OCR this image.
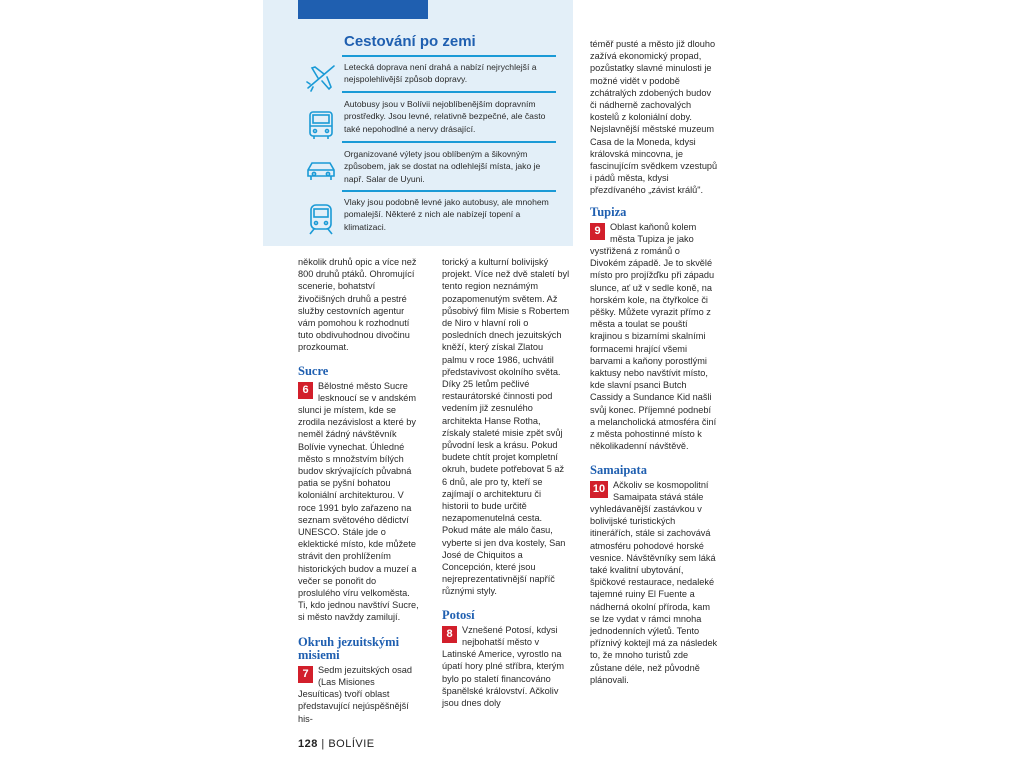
Cestování po zemi
Letecká doprava není drahá a nabízí nejrychlejší a nejspolehlivější způsob dopravy.
Autobusy jsou v Bolívii nejoblíbenějším dopravním prostředky. Jsou levné, relativně bezpečné, ale často také nepohodlné a nervy drásající.
Organizované výlety jsou oblíbeným a šikovným způsobem, jak se dostat na odlehlejší místa, jako je např. Salar de Uyuni.
Vlaky jsou podobně levné jako autobusy, ale mnohem pomalejší. Některé z nich ale nabízejí topení a klimatizaci.

několik druhů opic a více než 800 druhů ptáků. Ohromující scenerie, bohatství živočišných druhů a pestré služby cestovních agentur vám pomohou k rozhodnutí tuto obdivuhodnou divočinu prozkoumat.

Sucre

6	Bělostné město Sucre lesknoucí se v andském slunci je místem, kde se zrodila nezávislost a které by neměl žádný návštěvník Bolívie vynechat. Úhledné město s množstvím bílých budov skrývajících půvabná patia se pyšní bohatou koloniální architekturou. V roce 1991 bylo zařazeno na seznam světového dědictví UNESCO. Stále jde o eklektické místo, kde můžete strávit den prohlížením historických budov a muzeí a večer se ponořit do proslulého víru velkoměsta. Ti, kdo jednou navštíví Sucre, si město navždy zamilují.

Okruh jezuitskými misiemi

7	Sedm jezuitských osad (Las Misiones Jesuíticas) tvoří oblast představující nejúspěšnější his-

torický a kulturní bolivijský projekt. Více než dvě staletí byl tento region neznámým pozapomenutým světem. Až působivý film Misie s Robertem de Niro v hlavní roli o posledních dnech jezuitských kněží, který získal Zlatou palmu v roce 1986, uchvátil představivost okolního světa. Díky 25 letům pečlivé restaurátorské činnosti pod vedením již zesnulého architekta Hanse Rotha, získaly staleté misie zpět svůj původní lesk a krásu. Pokud budete chtít projet kompletní okruh, budete potřebovat 5 až 6 dnů, ale pro ty, kteří se zajímají o architekturu či historii to bude určitě nezapomenutelná cesta. Pokud máte ale málo času, vyberte si jen dva kostely, San José de Chiquitos a Concepción, které jsou nejreprezentativnější napříč různými styly.

Potosí

8	Vznešené Potosí, kdysi nejbohatší město v Latinské Americe, vyrostlo na úpatí hory plné stříbra, kterým bylo po staletí financováno španělské království. Ačkoliv jsou dnes doly

téměř pusté a město již dlouho zažívá ekonomický propad, pozůstatky slavné minulosti je možné vidět v podobě zchátralých zdobených budov či nádherně zachovalých kostelů z koloniální doby. Nejslavnější městské muzeum Casa de la Moneda, kdysi královská mincovna, je fascinujícím svědkem vzestupů i pádů města, kdysi přezdívaného „závist králů".

Tupiza

9	Oblast kaňonů kolem města Tupiza je jako vystřižená z románů o Divokém západě. Je to skvělé místo pro projížďku při západu slunce, ať už v sedle koně, na horském kole, na čtyřkolce či pěšky. Můžete vyrazit přímo z města a toulat se pouští krajinou s bizarními skalními formacemi hrající všemi barvami a kaňony porostlými kaktusy nebo navštívit místo, kde slavní psanci Butch Cassidy a Sundance Kid našli svůj konec. Příjemné podnebí a melancholická atmosféra činí z města pohostinné místo k několikadenní návštěvě.

Samaipata

10 Ačkoliv se kosmopolitní Samaipata stává stále vyhledávanější zastávkou v bolivijské turistických itinerářích, stále si zachovává atmosféru pohodové horské vesnice. Návštěvníky sem láká také kvalitní ubytování, špičkové restaurace, nedaleké tajemné ruiny El Fuente a nádherná okolní příroda, kam se lze vydat v rámci mnoha jednodenních výletů. Tento příznivý koktejl má za následek to, že mnoho turistů zde zůstane déle, než původně plánovali.

128 | BOLÍVIE
